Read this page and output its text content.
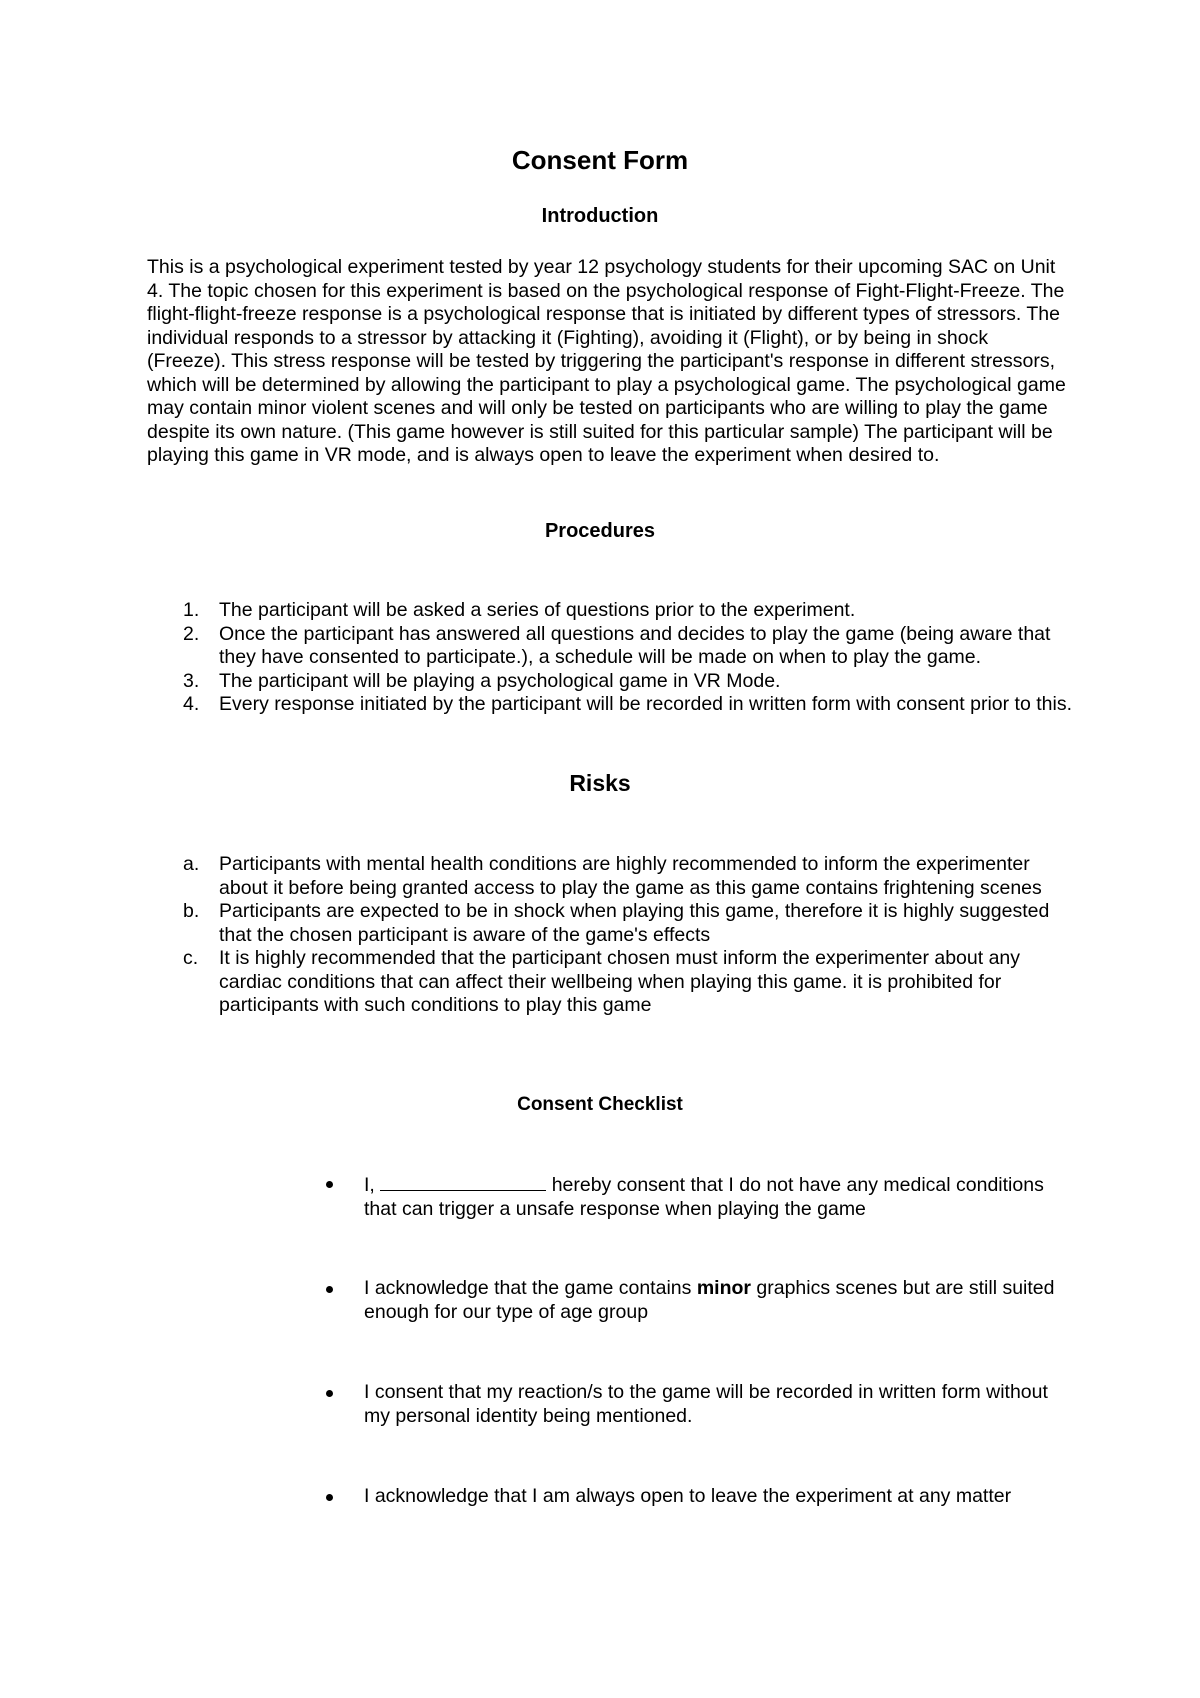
Consent Form
Introduction

This is a psychological experiment tested by year 12 psychology students for their upcoming SAC on Unit 4. The topic chosen for this experiment is based on the psychological response of Fight-Flight-Freeze. The flight-flight-freeze response is a psychological response that is initiated by different types of stressors. The individual responds to a stressor by attacking it (Fighting), avoiding it (Flight), or by being in shock (Freeze). This stress response will be tested by triggering the participant's response in different stressors, which will be determined by allowing the participant to play a psychological game. The psychological game may contain minor violent scenes and will only be tested on participants who are willing to play the game despite its own nature. (This game however is still suited for this particular sample) The participant will be playing this game in VR mode, and is always open to leave the experiment when desired to.

Procedures
1. The participant will be asked a series of questions prior to the experiment.
2. Once the participant has answered all questions and decides to play the game (being aware that they have consented to participate.), a schedule will be made on when to play the game.
3. The participant will be playing a psychological game in VR Mode.
4. Every response initiated by the participant will be recorded in written form with consent prior to this.
Risks
a. Participants with mental health conditions are highly recommended to inform the experimenter about it before being granted access to play the game as this game contains frightening scenes
b. Participants are expected to be in shock when playing this game, therefore it is highly suggested that the chosen participant is aware of the game's effects
c. It is highly recommended that the participant chosen must inform the experimenter about any cardiac conditions that can affect their wellbeing when playing this game. it is prohibited for participants with such conditions to play this game
Consent Checklist
I,	hereby consent that I do not have any medical conditions that can trigger a unsafe response when playing the game
I acknowledge that the game contains minor graphics scenes but are still suited enough for our type of age group
I consent that my reaction/s to the game will be recorded in written form without my personal identity being mentioned.
I acknowledge that I am always open to leave the experiment at any matter
